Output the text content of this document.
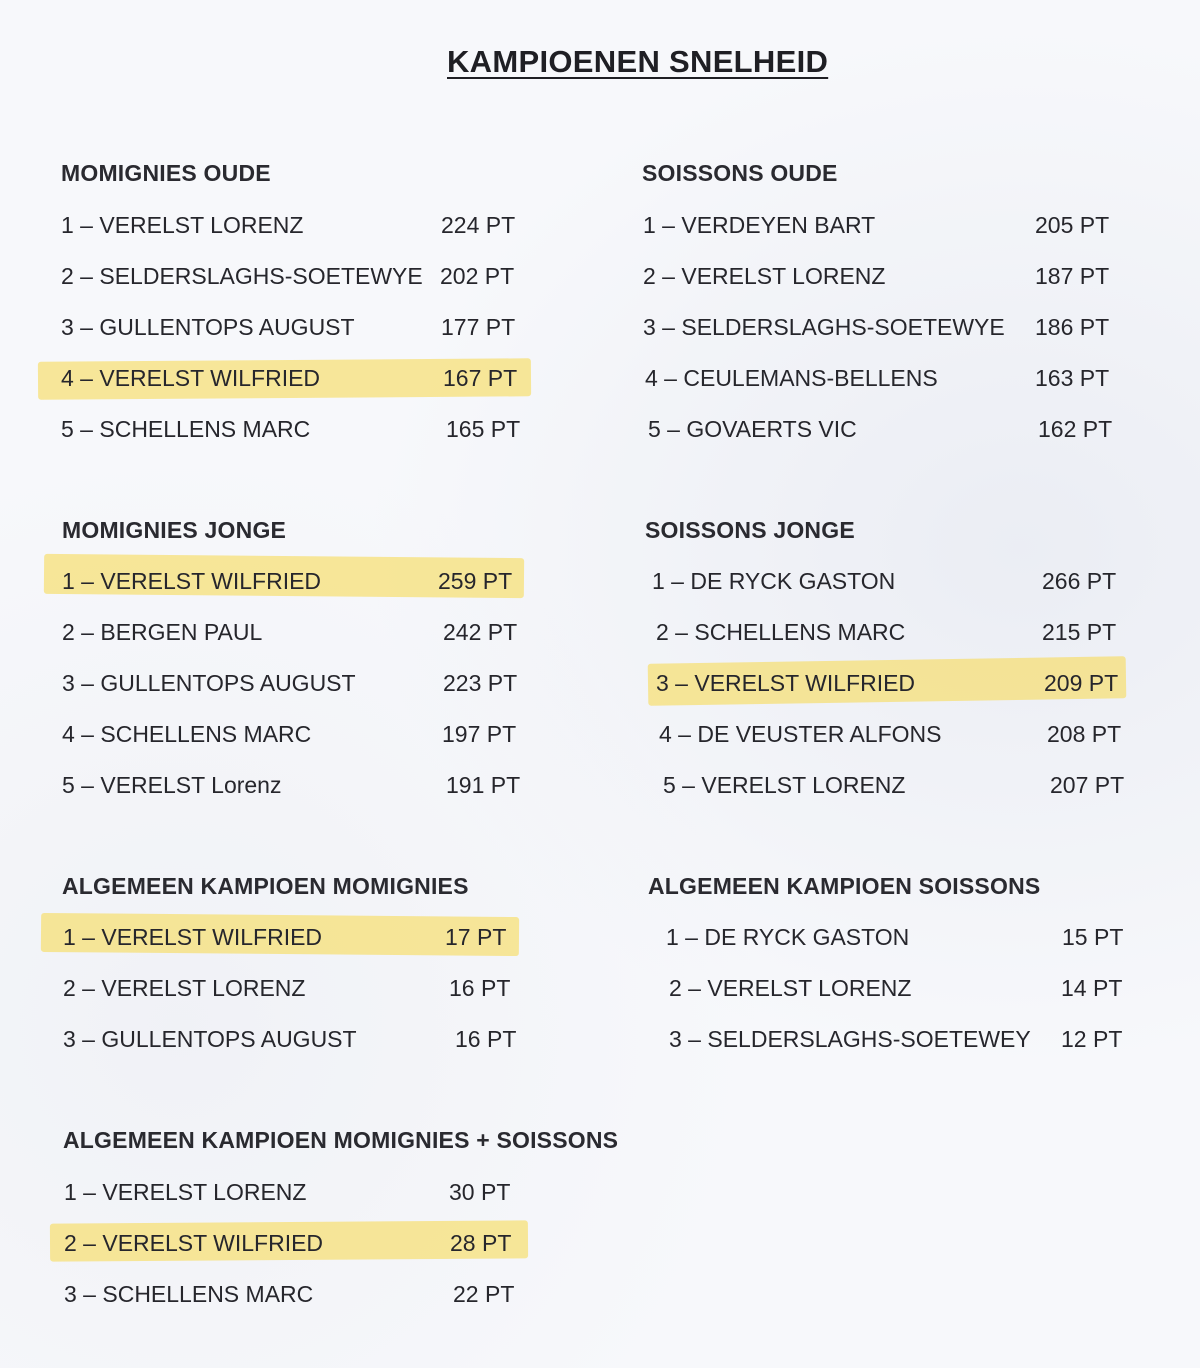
KAMPIOENEN SNELHEID
MOMIGNIES OUDE
1 – VERELST LORENZ	224 PT
2 – SELDERSLAGHS-SOETEWYE 202 PT
3 – GULLENTOPS AUGUST	177 PT
4 – VERELST WILFRIED	167 PT
5 – SCHELLENS MARC	165 PT
SOISSONS OUDE
1 – VERDEYEN BART	205 PT
2 – VERELST LORENZ	187 PT
3 – SELDERSLAGHS-SOETEWYE 186 PT
4 – CEULEMANS-BELLENS	163 PT
5 – GOVAERTS VIC	162 PT
MOMIGNIES JONGE
1 – VERELST WILFRIED	259 PT
2 – BERGEN PAUL	242 PT
3 – GULLENTOPS AUGUST	223 PT
4 – SCHELLENS MARC	197 PT
5 – VERELST Lorenz	191 PT
SOISSONS JONGE
1 – DE RYCK GASTON	266 PT
2 – SCHELLENS MARC	215 PT
3 – VERELST WILFRIED	209 PT
4 – DE VEUSTER ALFONS	208 PT
5 – VERELST LORENZ	207 PT
ALGEMEEN KAMPIOEN MOMIGNIES
1 – VERELST WILFRIED	17 PT
2 – VERELST LORENZ	16 PT
3 – GULLENTOPS AUGUST	16 PT
ALGEMEEN KAMPIOEN SOISSONS
1 – DE RYCK GASTON	15 PT
2 – VERELST LORENZ	14 PT
3 – SELDERSLAGHS-SOETEWEY 12 PT
ALGEMEEN KAMPIOEN MOMIGNIES + SOISSONS
1 – VERELST LORENZ	30 PT
2 – VERELST WILFRIED	28 PT
3 – SCHELLENS MARC	22 PT
